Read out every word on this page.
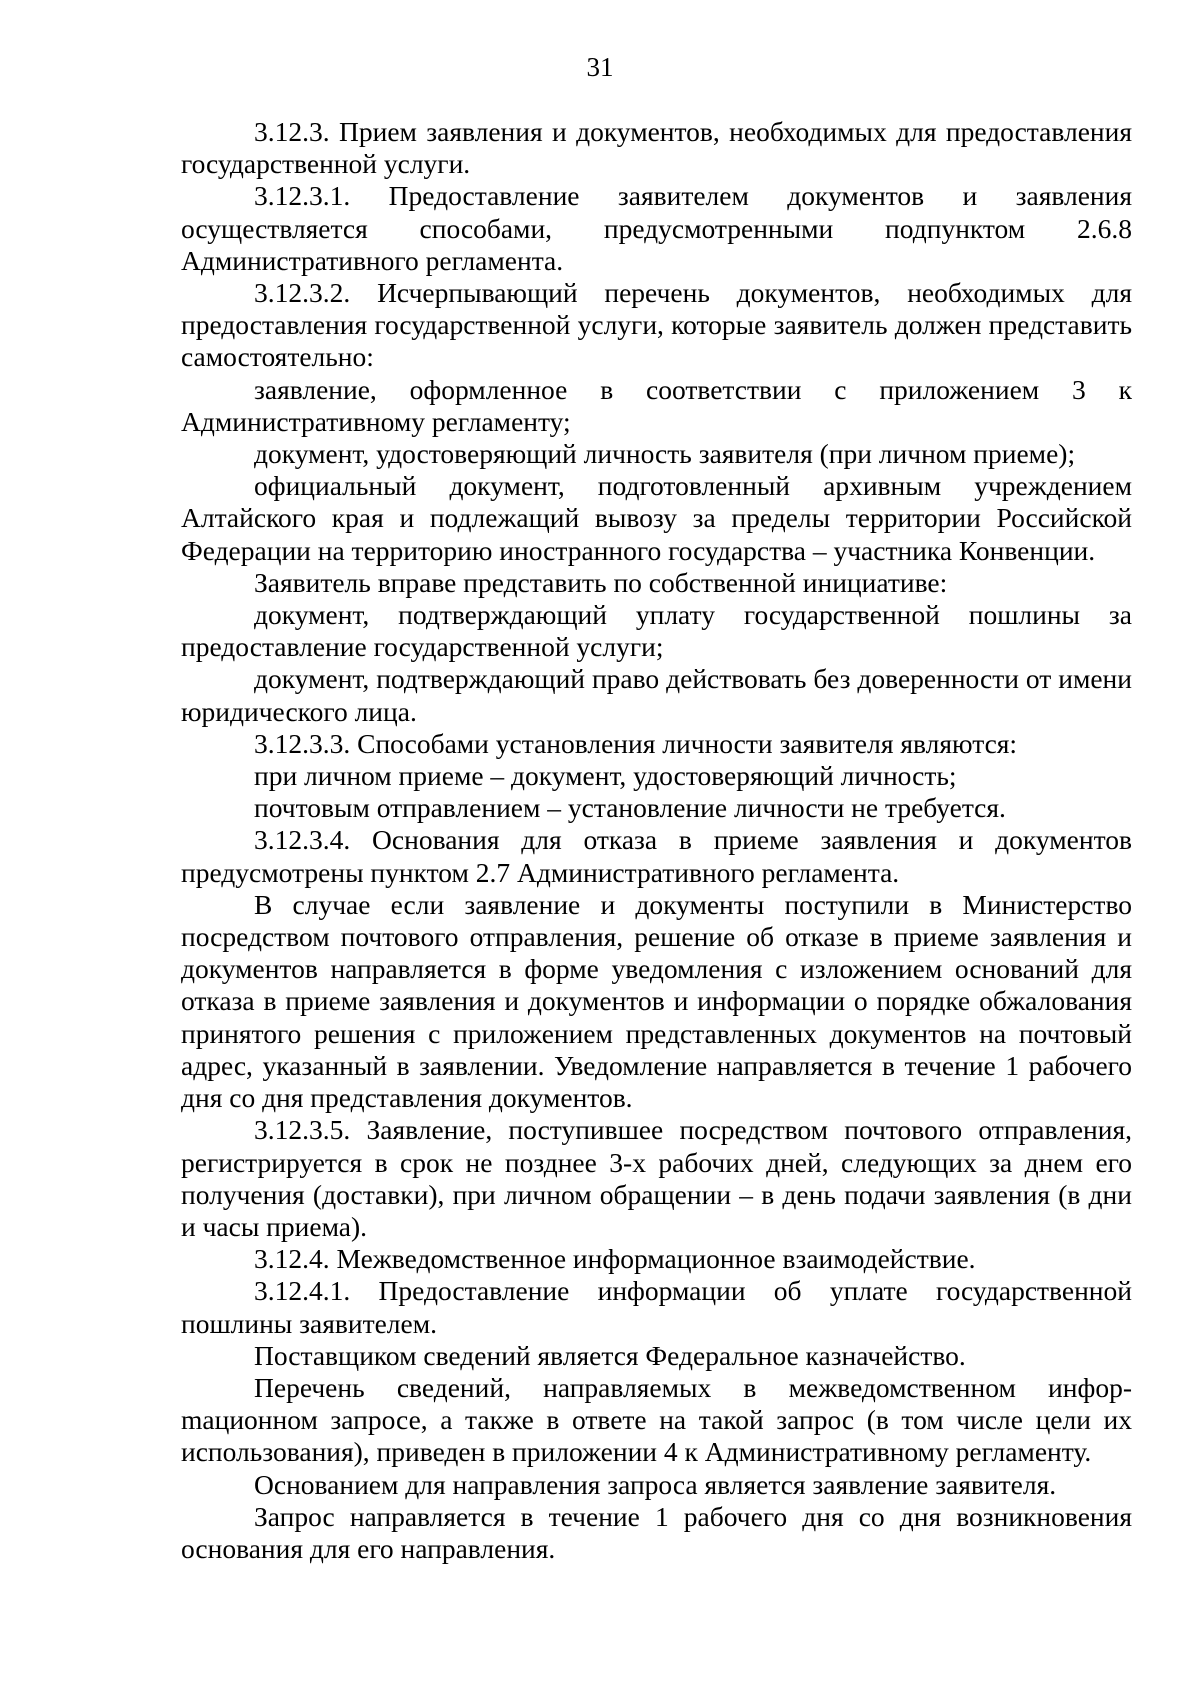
31

3.12.3. Прием заявления и документов, необходимых для предоставления государственной услуги.

3.12.3.1. Предоставление заявителем документов и заявления осуществляется способами, предусмотренными подпунктом 2.6.8 Административного регламента.

3.12.3.2. Исчерпывающий перечень документов, необходимых для предоставления государственной услуги, которые заявитель должен представить самостоятельно:

заявление, оформленное в соответствии с приложением 3 к Административному регламенту;

документ, удостоверяющий личность заявителя (при личном приеме);

официальный документ, подготовленный архивным учреждением Алтайского края и подлежащий вывозу за пределы территории Российской Федерации на территорию иностранного государства – участника Конвенции.

Заявитель вправе представить по собственной инициативе:

документ, подтверждающий уплату государственной пошлины за предоставление государственной услуги;

документ, подтверждающий право действовать без доверенности от имени юридического лица.

3.12.3.3. Способами установления личности заявителя являются:

при личном приеме – документ, удостоверяющий личность;

почтовым отправлением – установление личности не требуется.

3.12.3.4. Основания для отказа в приеме заявления и документов предусмотрены пунктом 2.7 Административного регламента.

В случае если заявление и документы поступили в Министерство посредством почтового отправления, решение об отказе в приеме заявления и документов направляется в форме уведомления с изложением оснований для отказа в приеме заявления и документов и информации о порядке обжалования принятого решения с приложением представленных документов на почтовый адрес, указанный в заявлении. Уведомление направляется в течение 1 рабочего дня со дня представления документов.

3.12.3.5. Заявление, поступившее посредством почтового отправления, регистрируется в срок не позднее 3-х рабочих дней, следующих за днем его получения (доставки), при личном обращении – в день подачи заявления (в дни и часы приема).

3.12.4. Межведомственное информационное взаимодействие.

3.12.4.1. Предоставление информации об уплате государственной пошлины заявителем.

Поставщиком сведений является Федеральное казначейство.

Перечень сведений, направляемых в межведомственном инфорmационном запросе, а также в ответе на такой запрос (в том числе цели их использования), приведен в приложении 4 к Административному регламенту.

Основанием для направления запроса является заявление заявителя.

Запрос направляется в течение 1 рабочего дня со дня возникновения основания для его направления.
